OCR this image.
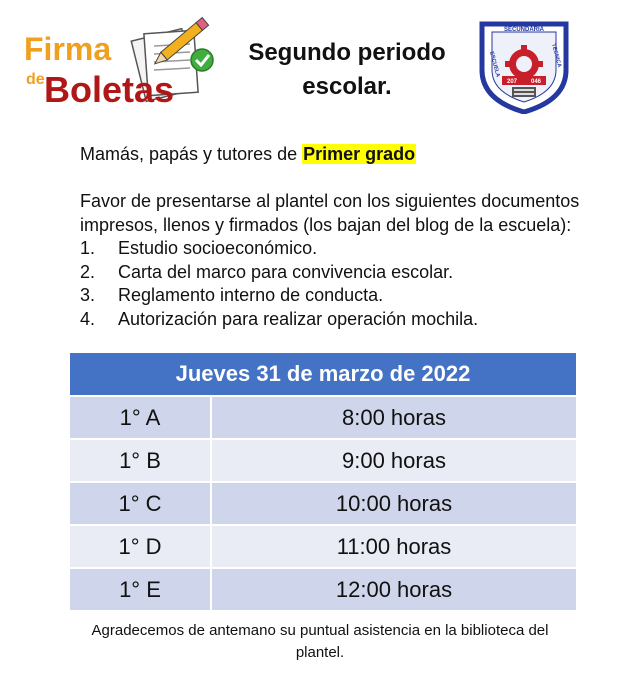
Firma
de Boletas
Segundo periodo
escolar.
SECUNDARIA
ESCUELA	TECNICA
207 046
Mamás, papás y tutores de Primer grado
Favor de presentarse al plantel con los siguientes documentos impresos, llenos y firmados (los bajan del blog de la escuela):
1.	Estudio socioeconómico.
2.	Carta del marco para convivencia escolar.
3.	Reglamento interno de conducta.
4.	Autorización para realizar operación mochila.
Jueves 31 de marzo de 2022	
1° A	8:00 horas
1° B	9:00 horas
1° C	10:00 horas
1° D	11:00 horas
1° E	12:00 horas
Agradecemos de antemano su puntual asistencia en la biblioteca del plantel.
